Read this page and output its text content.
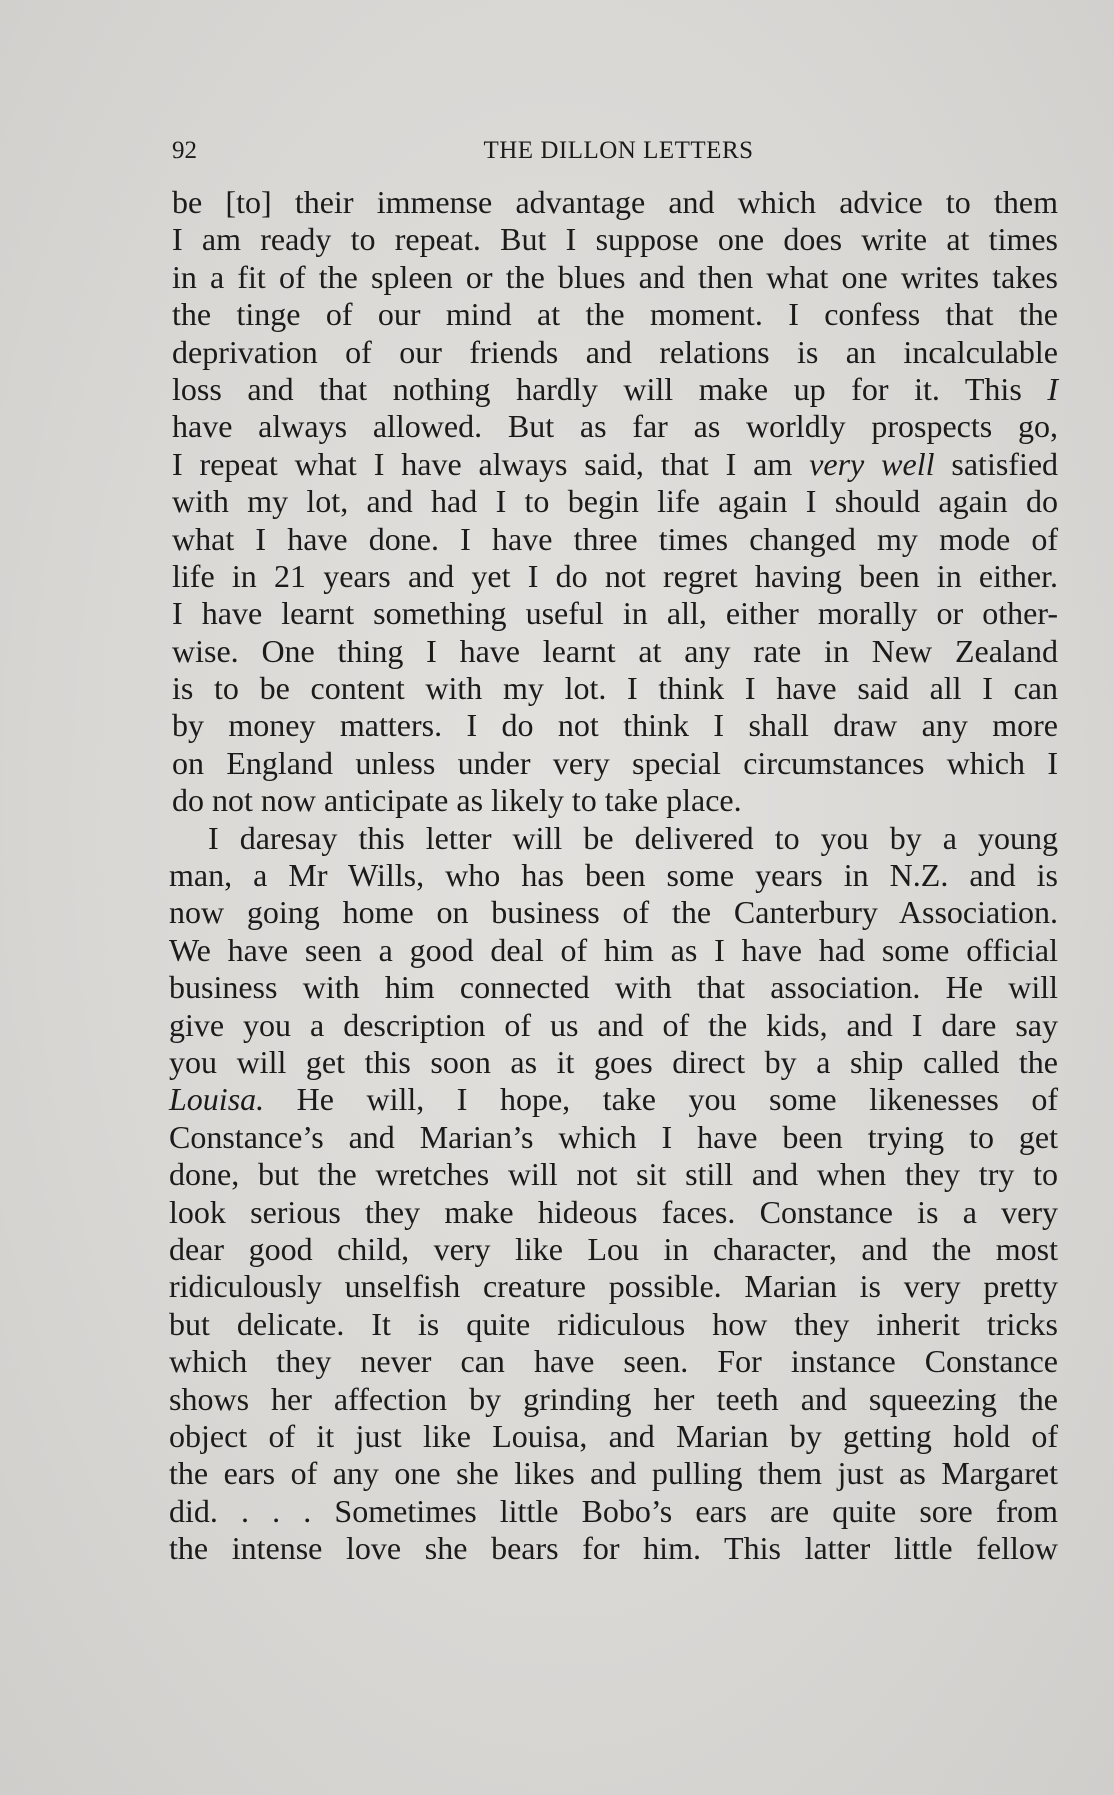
92	THE DILLON LETTERS
be [to] their immense advantage and which advice to them
I am ready to repeat. But I suppose one does write at times
in a fit of the spleen or the blues and then what one writes takes
the tinge of our mind at the moment. I confess that the
deprivation of our friends and relations is an incalculable
loss and that nothing hardly will make up for it. This I
have always allowed. But as far as worldly prospects go,
I repeat what I have always said, that I am very well satisfied
with my lot, and had I to begin life again I should again do
what I have done. I have three times changed my mode of
life in 21 years and yet I do not regret having been in either.
I have learnt something useful in all, either morally or other-
wise. One thing I have learnt at any rate in New Zealand
is to be content with my lot. I think I have said all I can
by money matters. I do not think I shall draw any more
on England unless under very special circumstances which I
do not now anticipate as likely to take place.
I daresay this letter will be delivered to you by a young
man, a Mr Wills, who has been some years in N.Z. and is
now going home on business of the Canterbury Association.
We have seen a good deal of him as I have had some official
business with him connected with that association. He will
give you a description of us and of the kids, and I dare say
you will get this soon as it goes direct by a ship called the
Louisa. He will, I hope, take you some likenesses of
Constance’s and Marian’s which I have been trying to get
done, but the wretches will not sit still and when they try to
look serious they make hideous faces. Constance is a very
dear good child, very like Lou in character, and the most
ridiculously unselfish creature possible. Marian is very pretty
but delicate. It is quite ridiculous how they inherit tricks
which they never can have seen. For instance Constance
shows her affection by grinding her teeth and squeezing the
object of it just like Louisa, and Marian by getting hold of
the ears of any one she likes and pulling them just as Margaret
did. . . . Sometimes little Bobo’s ears are quite sore from
the intense love she bears for him. This latter little fellow
